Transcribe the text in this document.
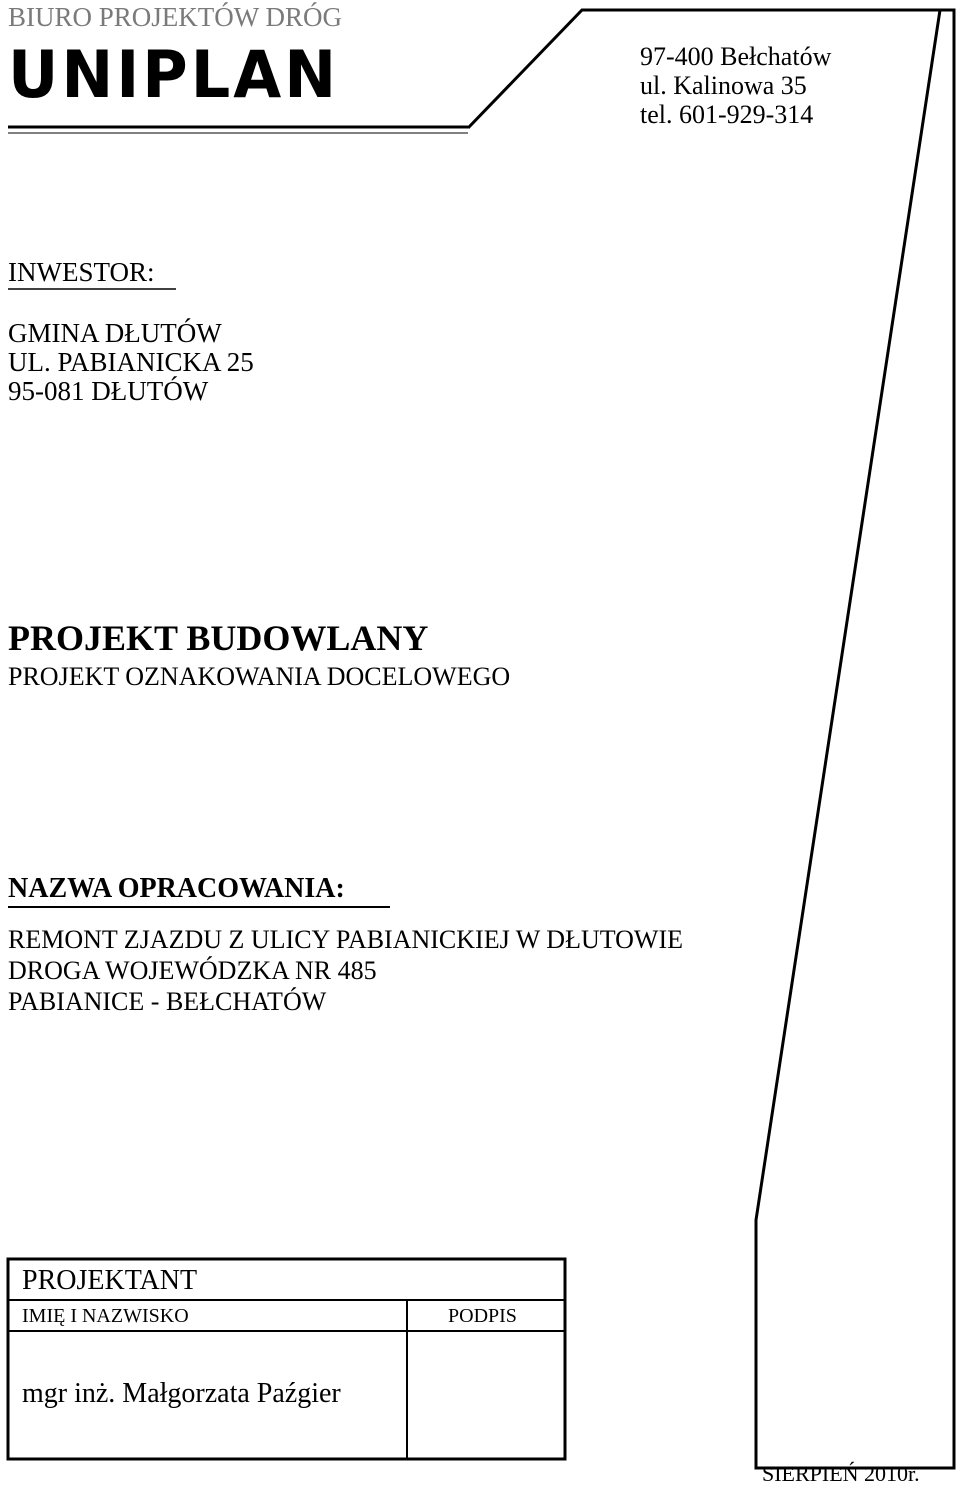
BIURO PROJEKTÓW DRÓG
UNIPLAN	97-400 Bełchatów
ul. Kalinowa 35
tel. 601-929-314
INWESTOR:
GMINA DŁUTÓW
UL. PABIANICKA 25
95-081 DŁUTÓW
PROJEKT BUDOWLANY
PROJEKT OZNAKOWANIA DOCELOWEGO
NAZWA OPRACOWANIA:
REMONT ZJAZDU Z ULICY PABIANICKIEJ W DŁUTOWIE
DROGA WOJEWÓDZKA NR 485
PABIANICE - BEŁCHATÓW
PROJEKTANT
IMIĘ I NAZWISKO	PODPIS
mgr inż. Małgorzata Paźgier
SIERPIEŃ 2010r.
